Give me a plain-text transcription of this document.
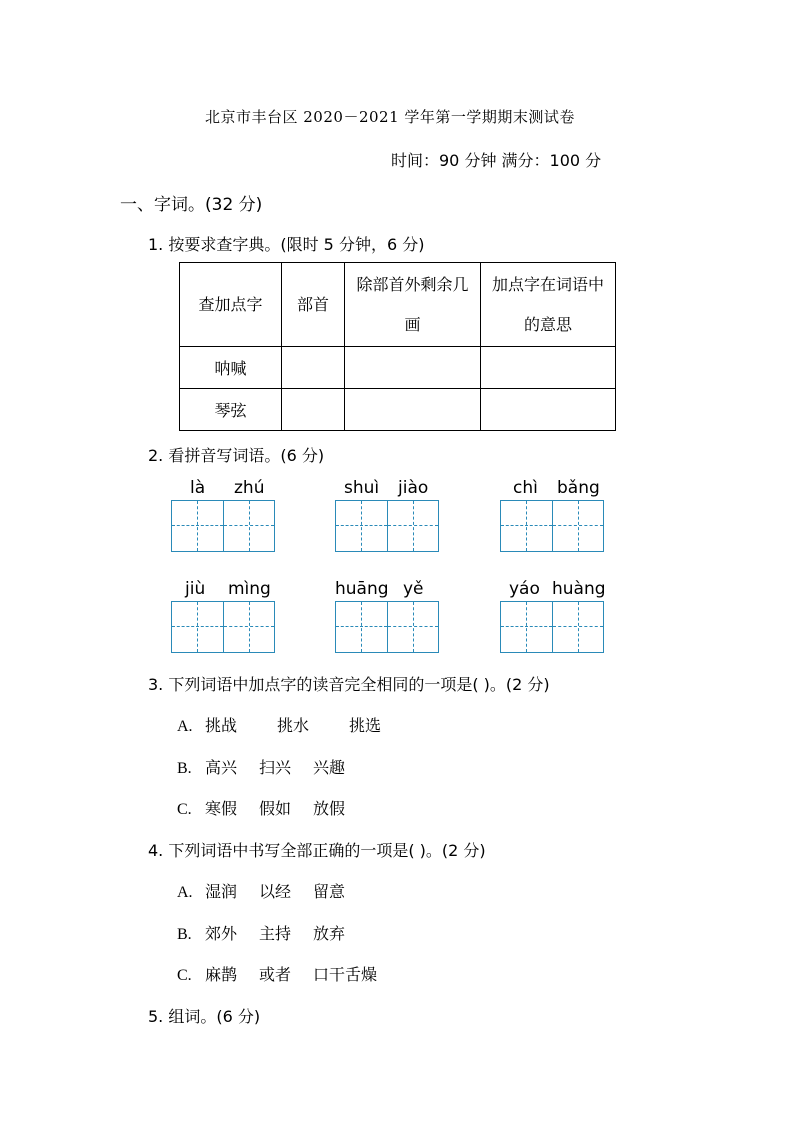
北京市丰台区 2020－2021 学年第一学期期末测试卷
时间：90 分钟 满分：100 分
一、字词。(32 分)
1. 按要求查字典。(限时 5 分钟，6 分)
查加点字	部首	除部首外剩余几画	加点字在词语中的意思

呐喊			
琴弦			
2. 看拼音写词语。(6 分)
là zhú	shuì jiào	chì bǎng
jiù mìng	huāng yě	yáo huàng
3. 下列词语中加点字的读音完全相同的一项是( )。(2 分)
A. 挑战	挑水	挑选
B. 高兴 扫兴 兴趣
C. 寒假 假如 放假
4. 下列词语中书写全部正确的一项是( )。(2 分)
A. 湿润 以经 留意
B. 郊外 主持 放弃
C. 麻鹊 或者 口干舌燥
5. 组词。(6 分)
